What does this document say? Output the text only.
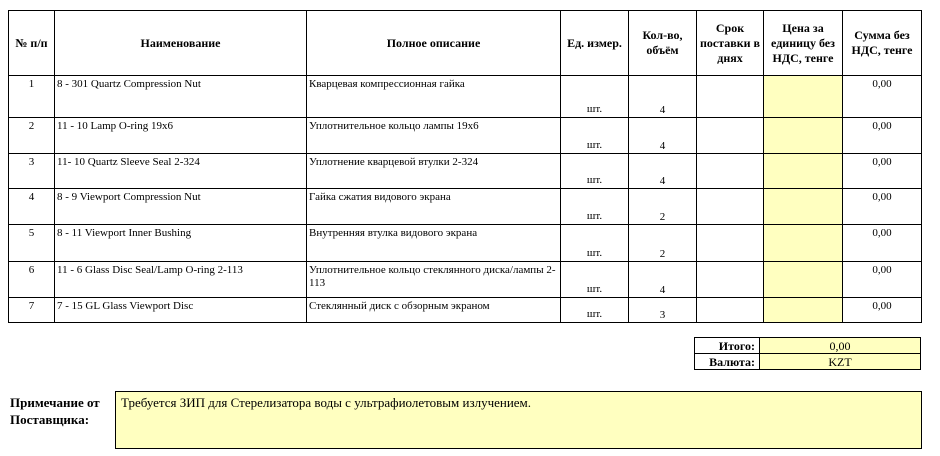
№ п/п	Наименование	Полное описание	Ед. измер.	Кол-во, объём	Срок поставки в днях	Цена за единицу без НДС, тенге	Сумма без НДС, тенге
1	8 - 301 Quartz Compression Nut	Кварцевая компрессионная гайка	шт.	4			0,00
2	11 - 10 Lamp O-ring 19x6	Уплотнительное кольцо лампы 19x6	шт.	4			0,00
3	11- 10 Quartz Sleeve Seal 2-324	Уплотнение кварцевой втулки 2-324	шт.	4			0,00
4	8 - 9 Viewport Compression Nut	Гайка сжатия видового экрана	шт.	2			0,00
5	8 - 11 Viewport Inner Bushing	Внутренняя втулка видового экрана	шт.	2			0,00
6	11 - 6 Glass Disc Seal/Lamp O-ring 2-113	Уплотнительное кольцо стеклянного диска/лампы 2-113	шт.	4			0,00
7	7 - 15 GL Glass Viewport Disc	Стеклянный диск с обзорным экраном	шт.	3			0,00
Итого:	0,00
Валюта:	KZT
Примечание от Поставщика:
Требуется ЗИП для Стерелизатора воды с ультрафиолетовым излучением.
